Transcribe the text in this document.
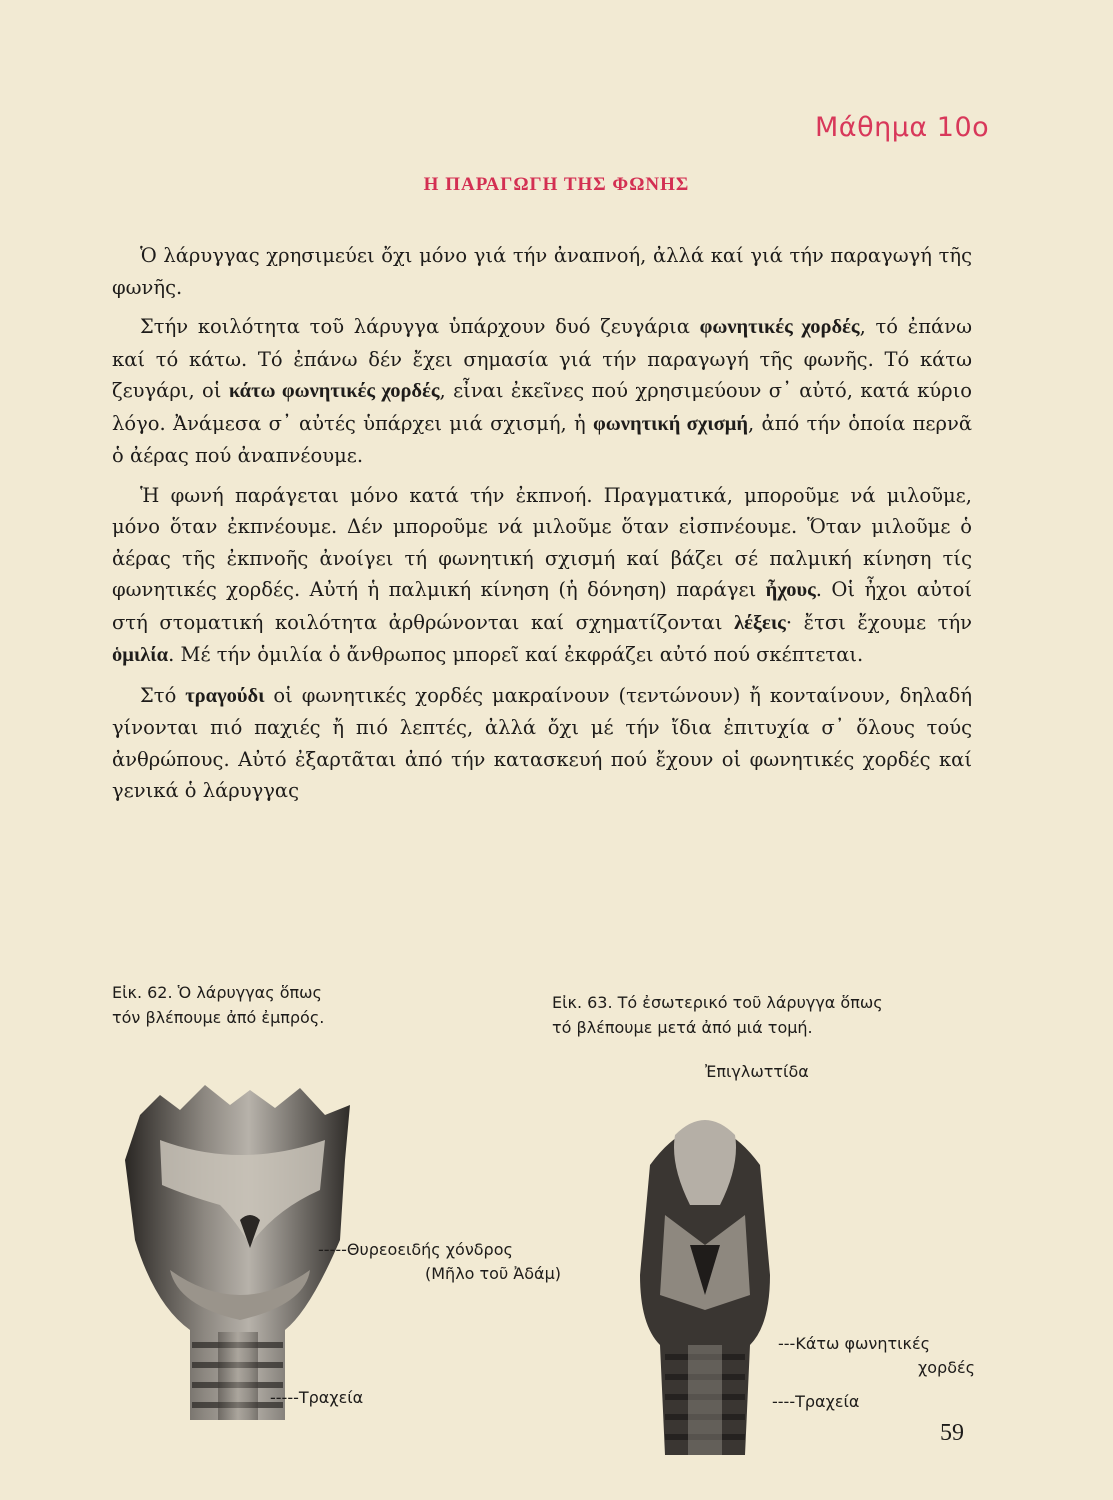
Μάθημα 10ο
Η ΠΑΡΑΓΩΓΗ ΤΗΣ ΦΩΝΗΣ

Ὁ λάρυγγας χρησιμεύει ὄχι μόνο γιά τήν ἀναπνοή, ἀλλά καί γιά τήν παραγωγή τῆς φωνῆς.

Στήν κοιλότητα τοῦ λάρυγγα ὑπάρχουν δυό ζευγάρια φωνητικές χορδές, τό ἐπάνω καί τό κάτω. Τό ἐπάνω δέν ἔχει σημασία γιά τήν παραγωγή τῆς φωνῆς. Τό κάτω ζευγάρι, οἱ κάτω φωνητικές χορδές, εἶναι ἐκεῖνες πού χρησιμεύουν σ᾽ αὐτό, κατά κύριο λόγο. Ἀνάμεσα σ᾽ αὐτές ὑπάρχει μιά σχισμή, ἡ φωνητική σχισμή, ἀπό τήν ὁποία περνᾶ ὁ ἀέρας πού ἀναπνέουμε.

Ἡ φωνή παράγεται μόνο κατά τήν ἐκπνοή. Πραγματικά, μποροῦμε νά μιλοῦμε, μόνο ὅταν ἐκπνέουμε. Δέν μποροῦμε νά μιλοῦμε ὅταν εἰσπνέουμε. Ὅταν μιλοῦμε ὁ ἀέρας τῆς ἐκπνοῆς ἀνοίγει τή φωνητική σχισμή καί βάζει σέ παλμική κίνηση τίς φωνητικές χορδές. Αὐτή ἡ παλμική κίνηση (ἡ δόνηση) παράγει ἦχους. Οἱ ἦχοι αὐτοί στή στοματική κοιλότητα ἀρθρώνονται καί σχηματίζονται λέξεις· ἔτσι ἔχουμε τήν ὁμιλία. Μέ τήν ὁμιλία ὁ ἄνθρωπος μπορεῖ καί ἐκφράζει αὐτό πού σκέπτεται.

Στό τραγούδι οἱ φωνητικές χορδές μακραίνουν (τεντώνουν) ἤ κονταίνουν, δηλαδή γίνονται πιό παχιές ἤ πιό λεπτές, ἀλλά ὄχι μέ τήν ἴδια ἐπιτυχία σ᾽ ὅλους τούς ἀνθρώπους. Αὐτό ἐξαρτᾶται ἀπό τήν κατασκευή πού ἔχουν οἱ φωνητικές χορδές καί γενικά ὁ λάρυγγας

Εἰκ. 62. Ὁ λάρυγγας ὅπως
τόν βλέπουμε ἀπό ἐμπρός.
Εἰκ. 63. Τό ἐσωτερικό τοῦ λάρυγγα ὅπως
τό βλέπουμε μετά ἀπό μιά τομή.
-----Θυρεοειδής χόνδρος
(Μῆλο τοῦ Ἀδάμ)
-----Τραχεία
Ἐπιγλωττίδα
---Κάτω φωνητικές
χορδές
----Τραχεία
59
